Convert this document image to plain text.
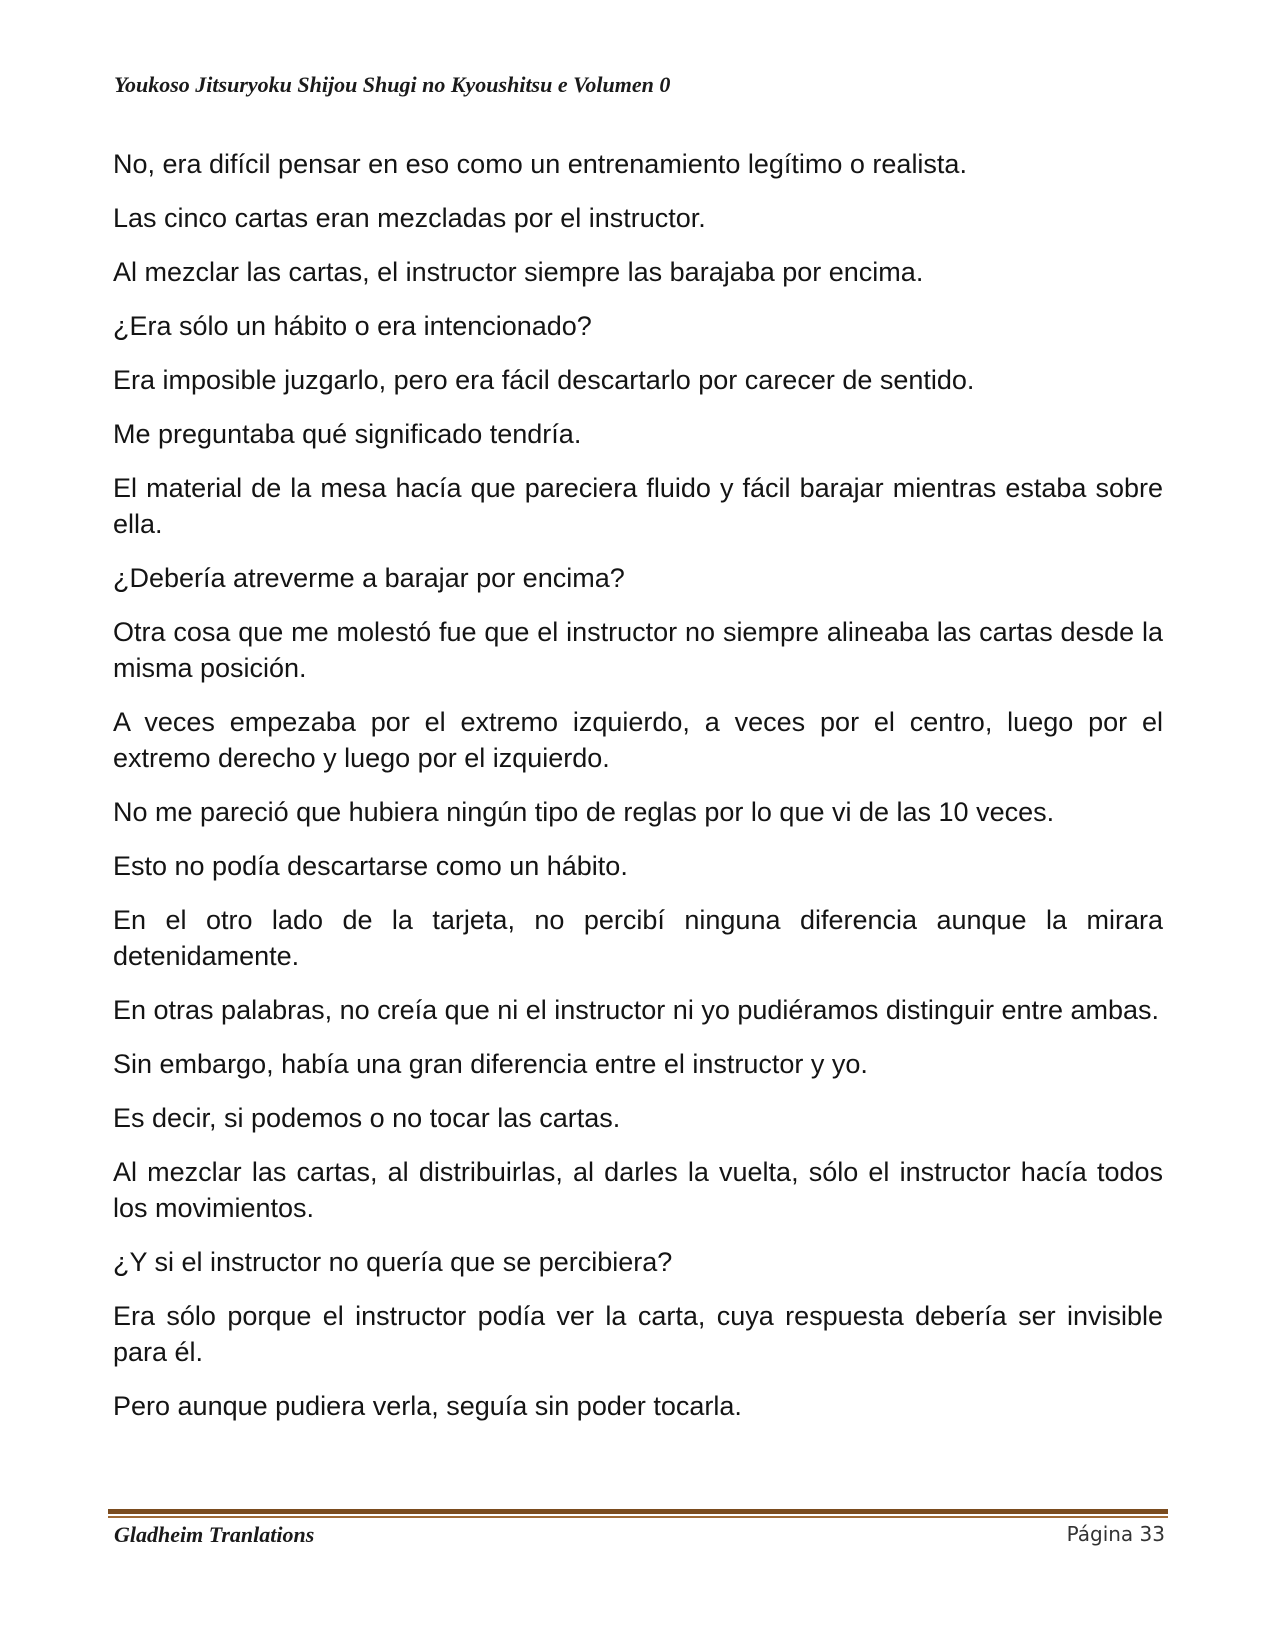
Youkoso Jitsuryoku Shijou Shugi no Kyoushitsu e Volumen 0

No, era difícil pensar en eso como un entrenamiento legítimo o realista.

Las cinco cartas eran mezcladas por el instructor.

Al mezclar las cartas, el instructor siempre las barajaba por encima.

¿Era sólo un hábito o era intencionado?

Era imposible juzgarlo, pero era fácil descartarlo por carecer de sentido.

Me preguntaba qué significado tendría.

El material de la mesa hacía que pareciera fluido y fácil barajar mientras estaba sobre ella.

¿Debería atreverme a barajar por encima?

Otra cosa que me molestó fue que el instructor no siempre alineaba las cartas desde la misma posición.

A veces empezaba por el extremo izquierdo, a veces por el centro, luego por el extremo derecho y luego por el izquierdo.

No me pareció que hubiera ningún tipo de reglas por lo que vi de las 10 veces.

Esto no podía descartarse como un hábito.

En el otro lado de la tarjeta, no percibí ninguna diferencia aunque la mirara detenidamente.

En otras palabras, no creía que ni el instructor ni yo pudiéramos distinguir entre ambas.

Sin embargo, había una gran diferencia entre el instructor y yo.

Es decir, si podemos o no tocar las cartas.

Al mezclar las cartas, al distribuirlas, al darles la vuelta, sólo el instructor hacía todos los movimientos.

¿Y si el instructor no quería que se percibiera?

Era sólo porque el instructor podía ver la carta, cuya respuesta debería ser invisible para él.

Pero aunque pudiera verla, seguía sin poder tocarla.

Gladheim Tranlations	Página 33
